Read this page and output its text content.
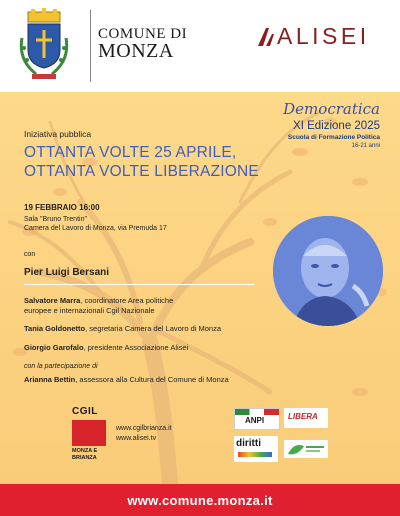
COMUNE DI
MONZA
ALISEI
Democratica
XI Edizione 2025
Scuola di Formazione Politica
16-21 anni
Iniziativa pubblica
OTTANTA VOLTE 25 APRILE,
OTTANTA VOLTE LIBERAZIONE
19 FEBBRAIO 16:00
Sala "Bruno Trentin"
Camera del Lavoro di Monza, via Premuda 17
con
Pier Luigi Bersani
Salvatore Marra, coordinatore Area politiche
europee e internazionali Cgil Nazionale
Tania Goldonetto, segretaria Camera del Lavoro di Monza
Giorgio Garofalo, presidente Associazione Alisei
con la partecipazione di
Arianna Bettin, assessora alla Cultura del Comune di Monza
CGIL
MONZA E
BRIANZA
www.cgilbrianza.it
www.alisei.tv
ANPI	LIBERA
diritti
www.comune.monza.it
